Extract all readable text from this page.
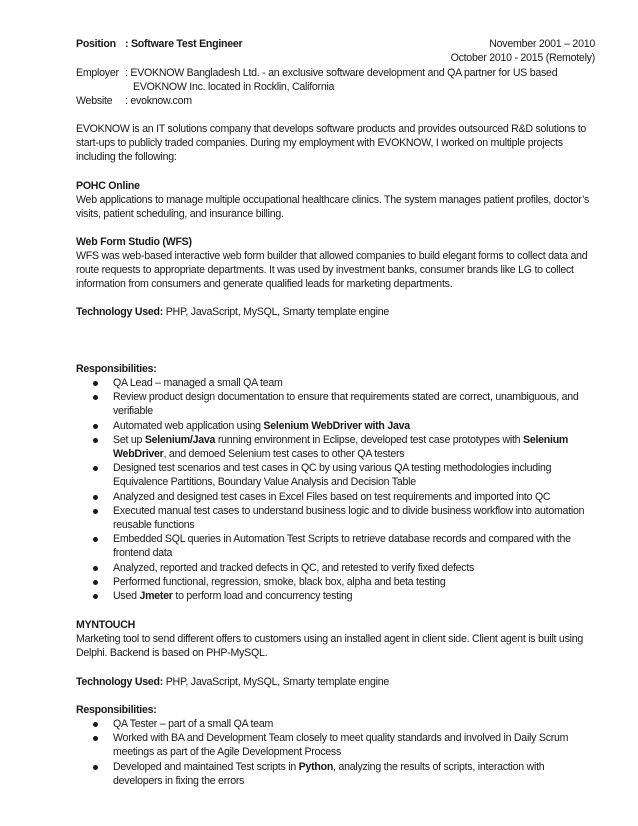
Position : Software Test Engineer	November 2001 – 2010
October 2010 - 2015 (Remotely)
Employer : EVOKNOW Bangladesh Ltd. - an exclusive software development and QA partner for US based
EVOKNOW Inc. located in Rocklin, California
Website : evoknow.com
EVOKNOW is an IT solutions company that develops software products and provides outsourced R&D solutions to start-ups to publicly traded companies. During my employment with EVOKNOW, I worked on multiple projects including the following:
POHC Online
Web applications to manage multiple occupational healthcare clinics. The system manages patient profiles, doctor’s visits, patient scheduling, and insurance billing.
Web Form Studio (WFS)
WFS was web-based interactive web form builder that allowed companies to build elegant forms to collect data and route requests to appropriate departments. It was used by investment banks, consumer brands like LG to collect information from consumers and generate qualified leads for marketing departments.
Technology Used: PHP, JavaScript, MySQL, Smarty template engine
Responsibilities:
QA Lead – managed a small QA team
Review product design documentation to ensure that requirements stated are correct, unambiguous, and verifiable
Automated web application using Selenium WebDriver with Java
Set up Selenium/Java running environment in Eclipse, developed test case prototypes with Selenium WebDriver, and demoed Selenium test cases to other QA testers
Designed test scenarios and test cases in QC by using various QA testing methodologies including Equivalence Partitions, Boundary Value Analysis and Decision Table
Analyzed and designed test cases in Excel Files based on test requirements and imported into QC
Executed manual test cases to understand business logic and to divide business workflow into automation reusable functions
Embedded SQL queries in Automation Test Scripts to retrieve database records and compared with the frontend data
Analyzed, reported and tracked defects in QC, and retested to verify fixed defects
Performed functional, regression, smoke, black box, alpha and beta testing
Used Jmeter to perform load and concurrency testing
MYNTOUCH
Marketing tool to send different offers to customers using an installed agent in client side. Client agent is built using Delphi. Backend is based on PHP-MySQL.
Technology Used: PHP, JavaScript, MySQL, Smarty template engine
Responsibilities:
QA Tester – part of a small QA team
Worked with BA and Development Team closely to meet quality standards and involved in Daily Scrum meetings as part of the Agile Development Process
Developed and maintained Test scripts in Python, analyzing the results of scripts, interaction with developers in fixing the errors
